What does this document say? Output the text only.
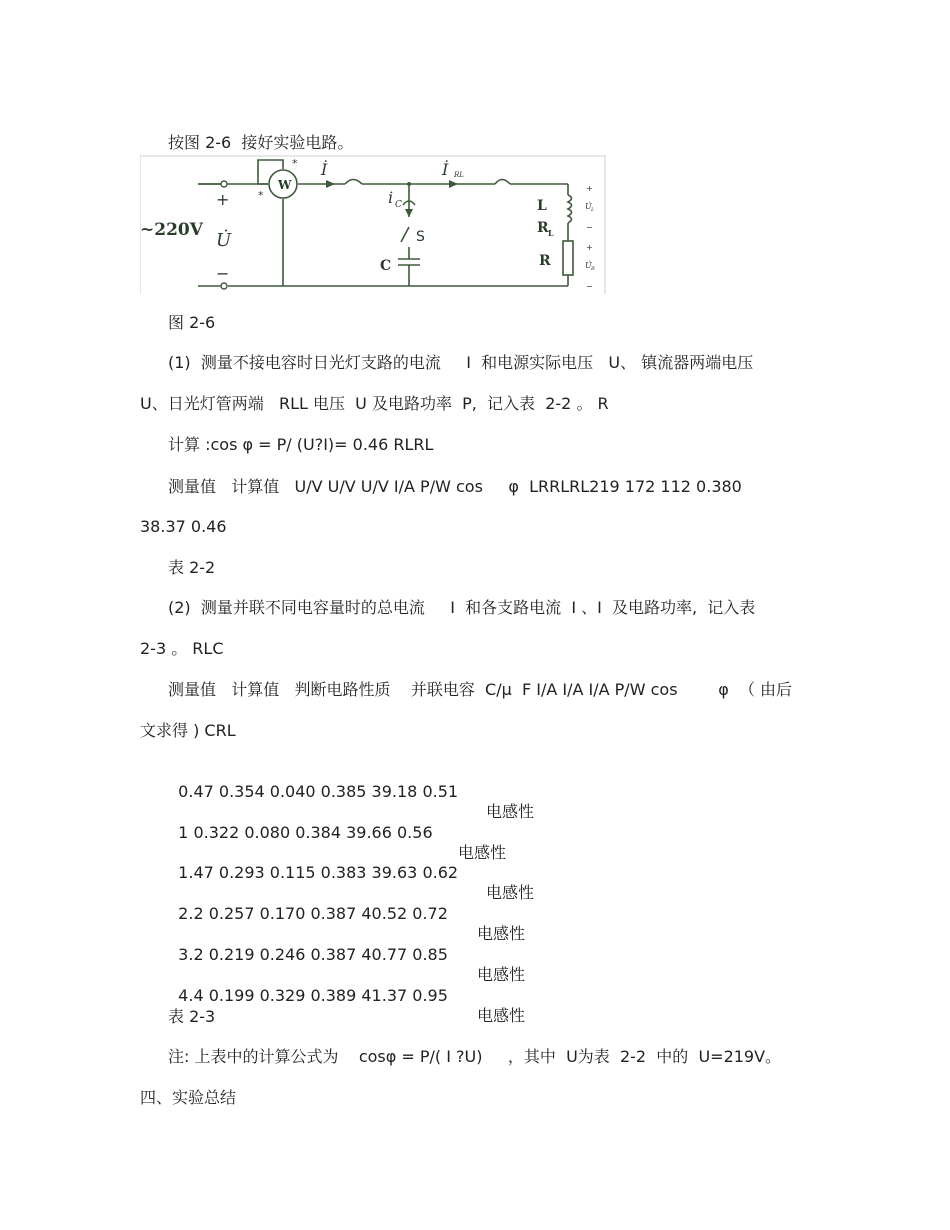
按图 2-6  接好实验电路。
W
*
*
~220V
+
−
U̇
İ	İ RL
i C
S
C
L
R L
R
+
U̇ L
−
+
U̇ R
−
图 2-6
(1)  测量不接电容时日光灯支路的电流     I  和电源实际电压   U、 镇流器两端电压
U、日光灯管两端   RLL 电压  U 及电路功率  P,  记入表  2-2 。 R
计算 :cos φ = P/ (U?I)= 0.46 RLRL
测量值   计算值   U/V U/V U/V I/A P/W cos     φ  LRRLRL219 172 112 0.380
38.37 0.46
表 2-2
(2)  测量并联不同电容量时的总电流     I  和各支路电流  I 、I  及电路功率,  记入表
2-3 。 RLC
测量值   计算值   判断电路性质    并联电容  C/μ  F I/A I/A I/A P/W cos        φ  （ 由后
文求得 ) CRL

0.47 0.354 0.040 0.385 39.18 0.51

电感性

1 0.322 0.080 0.384 39.66 0.56

电感性

1.47 0.293 0.115 0.383 39.63 0.62

电感性

2.2 0.257 0.170 0.387 40.52 0.72

电感性

3.2 0.219 0.246 0.387 40.77 0.85

电感性

4.4 0.199 0.329 0.389 41.37 0.95

电感性

表 2-3
注: 上表中的计算公式为    cosφ = P/( I ?U)     ，其中  U为表  2-2  中的  U=219V。
四、实验总结
